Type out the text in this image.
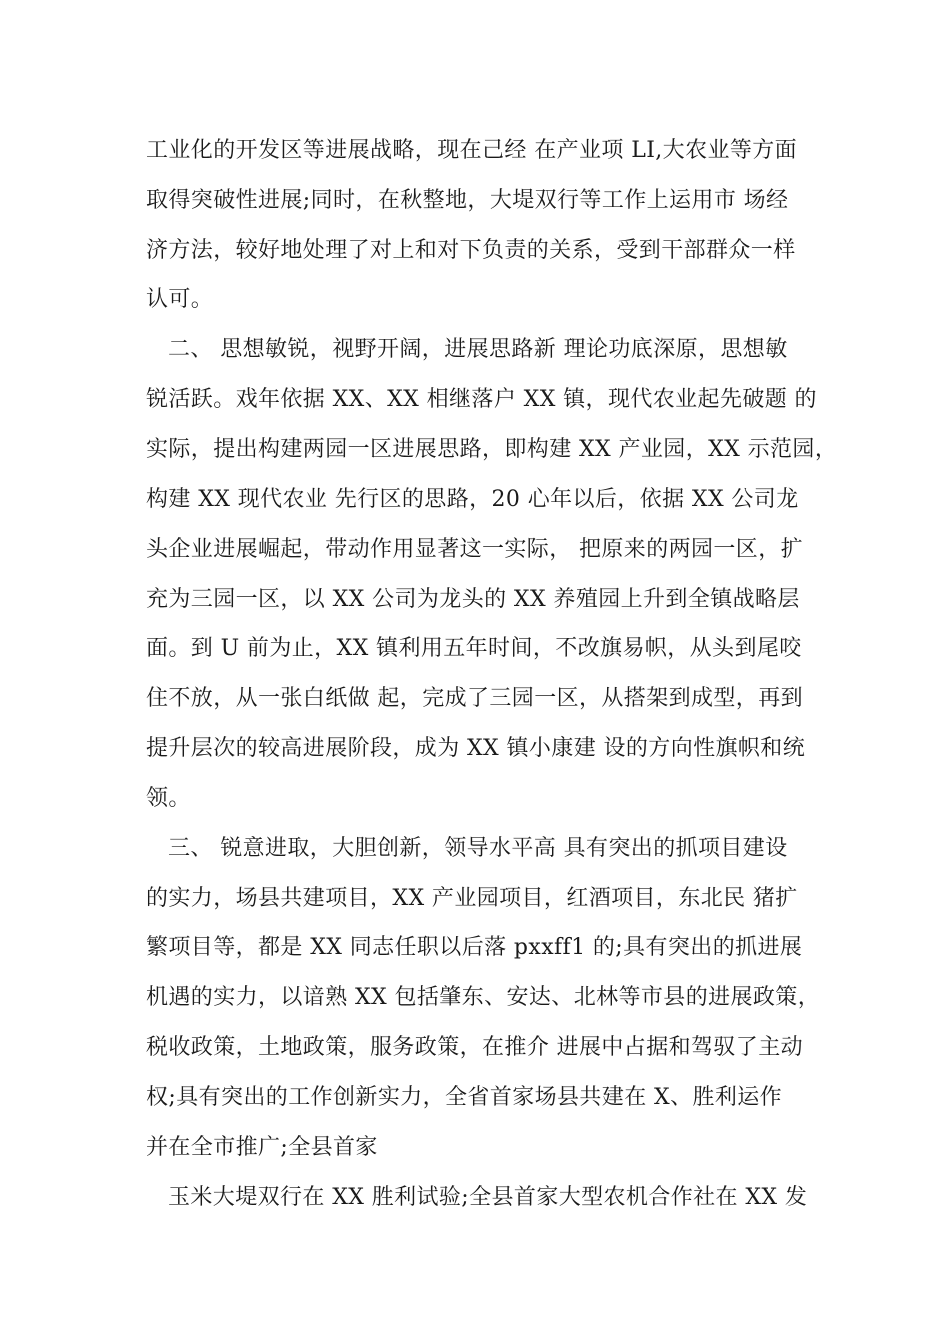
工业化的开发区等进展战略，现在己经 在产业项 LI,大农业等方面
取得突破性进展;同时，在秋整地，大堤双行等工作上运用市 场经
济方法，较好地处理了对上和对下负责的关系，受到干部群众一样
认可。
二、 思想敏锐，视野开阔，进展思路新 理论功底深原，思想敏
锐活跃。戏年依据 XX、XX 相继落户 XX 镇，现代农业起先破题 的
实际，提出构建两园一区进展思路，即构建 XX 产业园，XX 示范园，
构建 XX 现代农业 先行区的思路，20 心年以后，依据 XX 公司龙
头企业进展崛起，带动作用显著这一实际， 把原来的两园一区，扩
充为三园一区，以 XX 公司为龙头的 XX 养殖园上升到全镇战略层
面。到 U 前为止，XX 镇利用五年时间，不改旗易帜，从头到尾咬
住不放，从一张白纸做 起，完成了三园一区，从搭架到成型，再到
提升层次的较高进展阶段，成为 XX 镇小康建 设的方向性旗帜和统
领。
三、 锐意进取，大胆创新，领导水平高 具有突出的抓项目建设
的实力，场县共建项目，XX 产业园项目，红酒项目，东北民 猪扩
繁项目等，都是 XX 同志任职以后落 pxxff1 的;具有突出的抓进展
机遇的实力，以谙熟 XX 包括肇东、安达、北林等市县的进展政策，
税收政策，土地政策，服务政策，在推介 进展中占据和驾驭了主动
权;具有突出的工作创新实力，全省首家场县共建在 X、胜利运作
并在全市推广;全县首家
玉米大堤双行在 XX 胜利试验;全县首家大型农机合作社在 XX 发
